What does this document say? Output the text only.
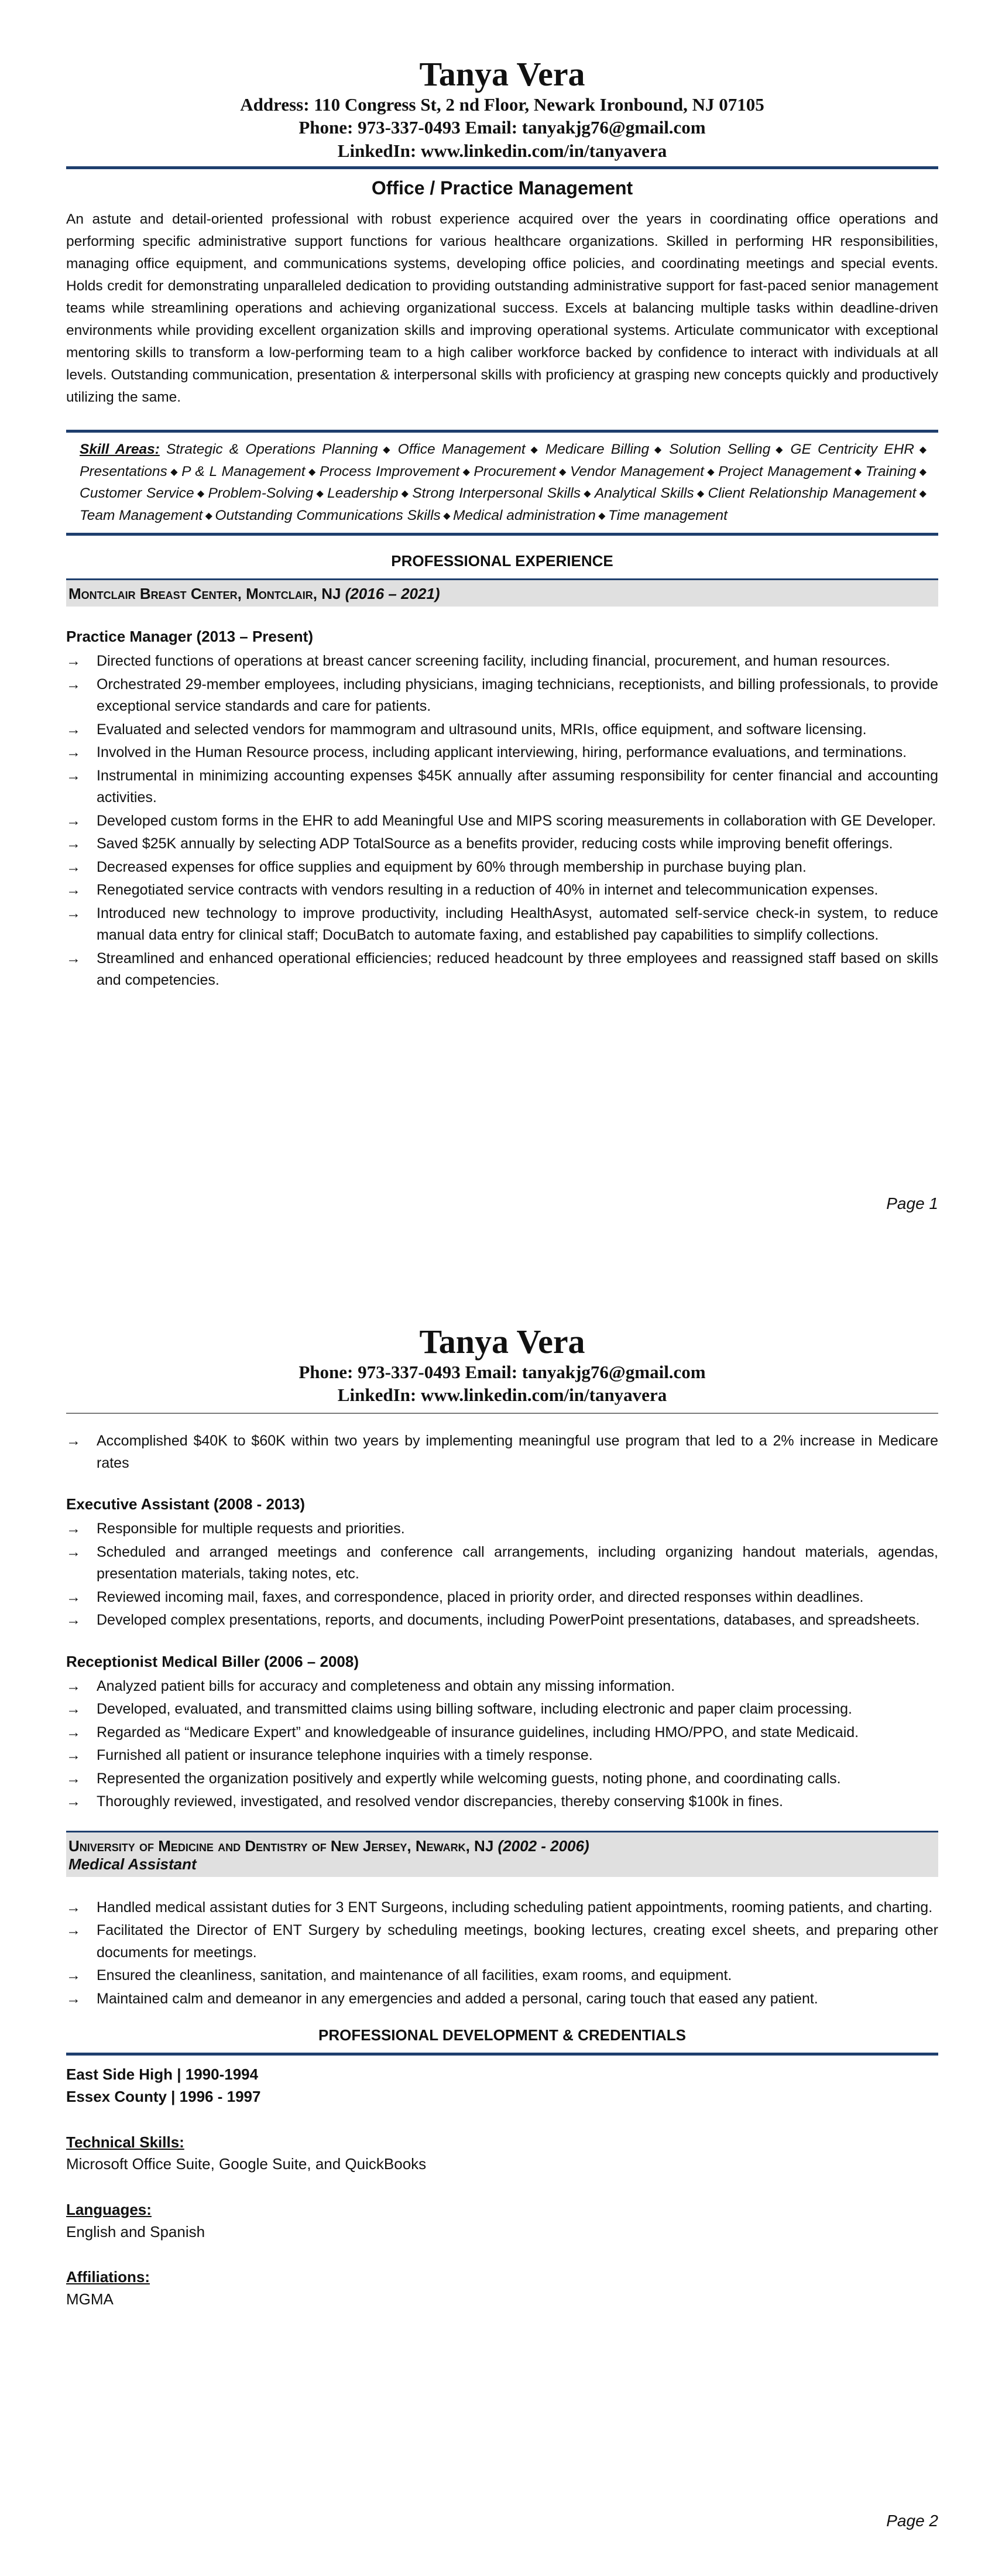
Tanya Vera
Address: 110 Congress St, 2 nd Floor, Newark Ironbound, NJ 07105
Phone: 973-337-0493 Email: tanyakjg76@gmail.com
LinkedIn: www.linkedin.com/in/tanyavera
Office / Practice Management

An astute and detail-oriented professional with robust experience acquired over the years in coordinating office operations and performing specific administrative support functions for various healthcare organizations. Skilled in performing HR responsibilities, managing office equipment, and communications systems, developing office policies, and coordinating meetings and special events. Holds credit for demonstrating unparalleled dedication to providing outstanding administrative support for fast-paced senior management teams while streamlining operations and achieving organizational success. Excels at balancing multiple tasks within deadline-driven environments while providing excellent organization skills and improving operational systems. Articulate communicator with exceptional mentoring skills to transform a low-performing team to a high caliber workforce backed by confidence to interact with individuals at all levels. Outstanding communication, presentation & interpersonal skills with proficiency at grasping new concepts quickly and productively utilizing the same.

Skill Areas: Strategic & Operations Planning ◆ Office Management ◆ Medicare Billing ◆ Solution Selling ◆ GE Centricity EHR ◆ Presentations ◆ P & L Management ◆ Process Improvement ◆ Procurement ◆ Vendor Management ◆ Project Management ◆ Training ◆ Customer Service ◆ Problem-Solving ◆ Leadership ◆ Strong Interpersonal Skills ◆ Analytical Skills ◆ Client Relationship Management ◆ Team Management ◆ Outstanding Communications Skills ◆ Medical administration ◆ Time management

PROFESSIONAL EXPERIENCE
Montclair Breast Center, Montclair, NJ (2016 – 2021)
Practice Manager (2013 – Present)
→	Directed functions of operations at breast cancer screening facility, including financial, procurement, and human resources.
→	Orchestrated 29-member employees, including physicians, imaging technicians, receptionists, and billing professionals, to provide exceptional service standards and care for patients.
→	Evaluated and selected vendors for mammogram and ultrasound units, MRIs, office equipment, and software licensing.
→	Involved in the Human Resource process, including applicant interviewing, hiring, performance evaluations, and terminations.
→	Instrumental in minimizing accounting expenses $45K annually after assuming responsibility for center financial and accounting activities.
→	Developed custom forms in the EHR to add Meaningful Use and MIPS scoring measurements in collaboration with GE Developer.
→	Saved $25K annually by selecting ADP TotalSource as a benefits provider, reducing costs while improving benefit offerings.
→	Decreased expenses for office supplies and equipment by 60% through membership in purchase buying plan.
→	Renegotiated service contracts with vendors resulting in a reduction of 40% in internet and telecommunication expenses.
→	Introduced new technology to improve productivity, including HealthAsyst, automated self-service check-in system, to reduce manual data entry for clinical staff; DocuBatch to automate faxing, and established pay capabilities to simplify collections.
→	Streamlined and enhanced operational efficiencies; reduced headcount by three employees and reassigned staff based on skills and competencies.
Page 1
Tanya Vera
Phone: 973-337-0493 Email: tanyakjg76@gmail.com
LinkedIn: www.linkedin.com/in/tanyavera
→	Accomplished $40K to $60K within two years by implementing meaningful use program that led to a 2% increase in Medicare rates
Executive Assistant (2008 - 2013)
→	Responsible for multiple requests and priorities.
→	Scheduled and arranged meetings and conference call arrangements, including organizing handout materials, agendas, presentation materials, taking notes, etc.
→	Reviewed incoming mail, faxes, and correspondence, placed in priority order, and directed responses within deadlines.
→	Developed complex presentations, reports, and documents, including PowerPoint presentations, databases, and spreadsheets.
Receptionist Medical Biller (2006 – 2008)
→	Analyzed patient bills for accuracy and completeness and obtain any missing information.
→	Developed, evaluated, and transmitted claims using billing software, including electronic and paper claim processing.
→	Regarded as “Medicare Expert” and knowledgeable of insurance guidelines, including HMO/PPO, and state Medicaid.
→	Furnished all patient or insurance telephone inquiries with a timely response.
→	Represented the organization positively and expertly while welcoming guests, noting phone, and coordinating calls.
→	Thoroughly reviewed, investigated, and resolved vendor discrepancies, thereby conserving $100k in fines.
University of Medicine and Dentistry of New Jersey, Newark, NJ (2002 - 2006)
Medical Assistant
→	Handled medical assistant duties for 3 ENT Surgeons, including scheduling patient appointments, rooming patients, and charting.
→	Facilitated the Director of ENT Surgery by scheduling meetings, booking lectures, creating excel sheets, and preparing other documents for meetings.
→	Ensured the cleanliness, sanitation, and maintenance of all facilities, exam rooms, and equipment.
→	Maintained calm and demeanor in any emergencies and added a personal, caring touch that eased any patient.
PROFESSIONAL DEVELOPMENT & CREDENTIALS
East Side High | 1990-1994
Essex County | 1996 - 1997
Technical Skills:
Microsoft Office Suite, Google Suite, and QuickBooks
Languages:
English and Spanish
Affiliations:
MGMA
Page 2
